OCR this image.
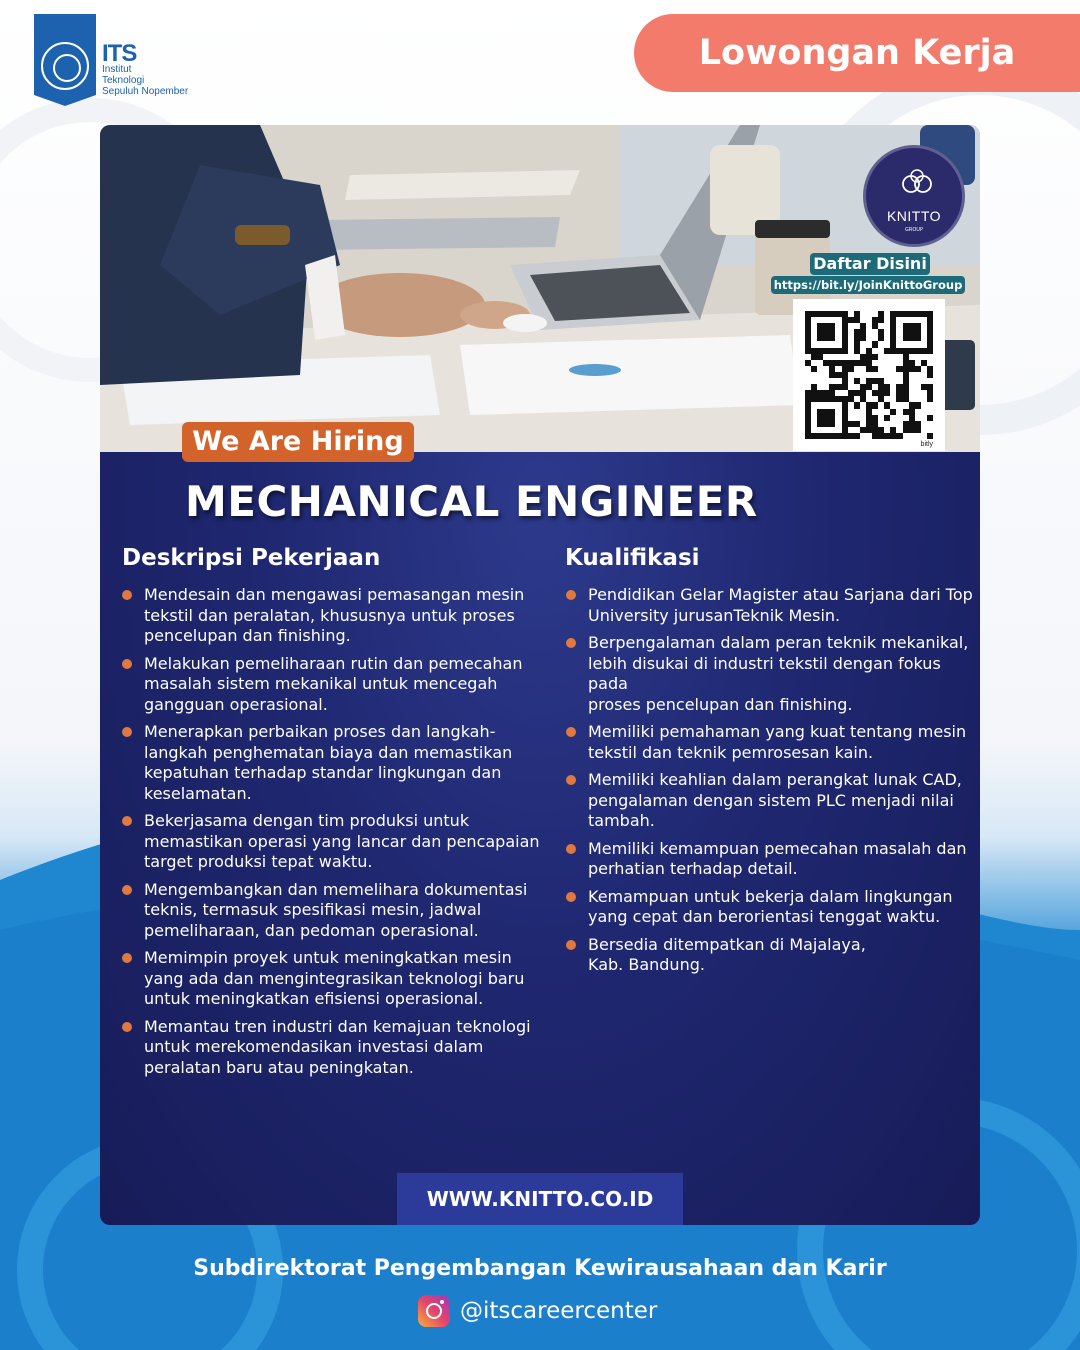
ITS
Institut
Teknologi
Sepuluh Nopember
Lowongan Kerja
KNITTO
GROUP
Daftar Disini
https://bit.ly/JoinKnittoGroup
bitly
We Are Hiring
MECHANICAL ENGINEER
Deskripsi Pekerjaan
Mendesain dan mengawasi pemasangan mesin
tekstil dan peralatan, khususnya untuk proses
pencelupan dan finishing.
Melakukan pemeliharaan rutin dan pemecahan
masalah sistem mekanikal untuk mencegah
gangguan operasional.
Menerapkan perbaikan proses dan langkah-
langkah penghematan biaya dan memastikan
kepatuhan terhadap standar lingkungan dan
keselamatan.
Bekerjasama dengan tim produksi untuk
memastikan operasi yang lancar dan pencapaian
target produksi tepat waktu.
Mengembangkan dan memelihara dokumentasi
teknis, termasuk spesifikasi mesin, jadwal
pemeliharaan, dan pedoman operasional.
Memimpin proyek untuk meningkatkan mesin
yang ada dan mengintegrasikan teknologi baru
untuk meningkatkan efisiensi operasional.
Memantau tren industri dan kemajuan teknologi
untuk merekomendasikan investasi dalam
peralatan baru atau peningkatan.
Kualifikasi
Pendidikan Gelar Magister atau Sarjana dari Top
University jurusanTeknik Mesin.
Berpengalaman dalam peran teknik mekanikal,
lebih disukai di industri tekstil dengan fokus pada
proses pencelupan dan finishing.
Memiliki pemahaman yang kuat tentang mesin
tekstil dan teknik pemrosesan kain.
Memiliki keahlian dalam perangkat lunak CAD,
pengalaman dengan sistem PLC menjadi nilai
tambah.
Memiliki kemampuan pemecahan masalah dan
perhatian terhadap detail.
Kemampuan untuk bekerja dalam lingkungan
yang cepat dan berorientasi tenggat waktu.
Bersedia ditempatkan di Majalaya,
Kab. Bandung.
WWW.KNITTO.CO.ID
Subdirektorat Pengembangan Kewirausahaan dan Karir
@itscareercenter
